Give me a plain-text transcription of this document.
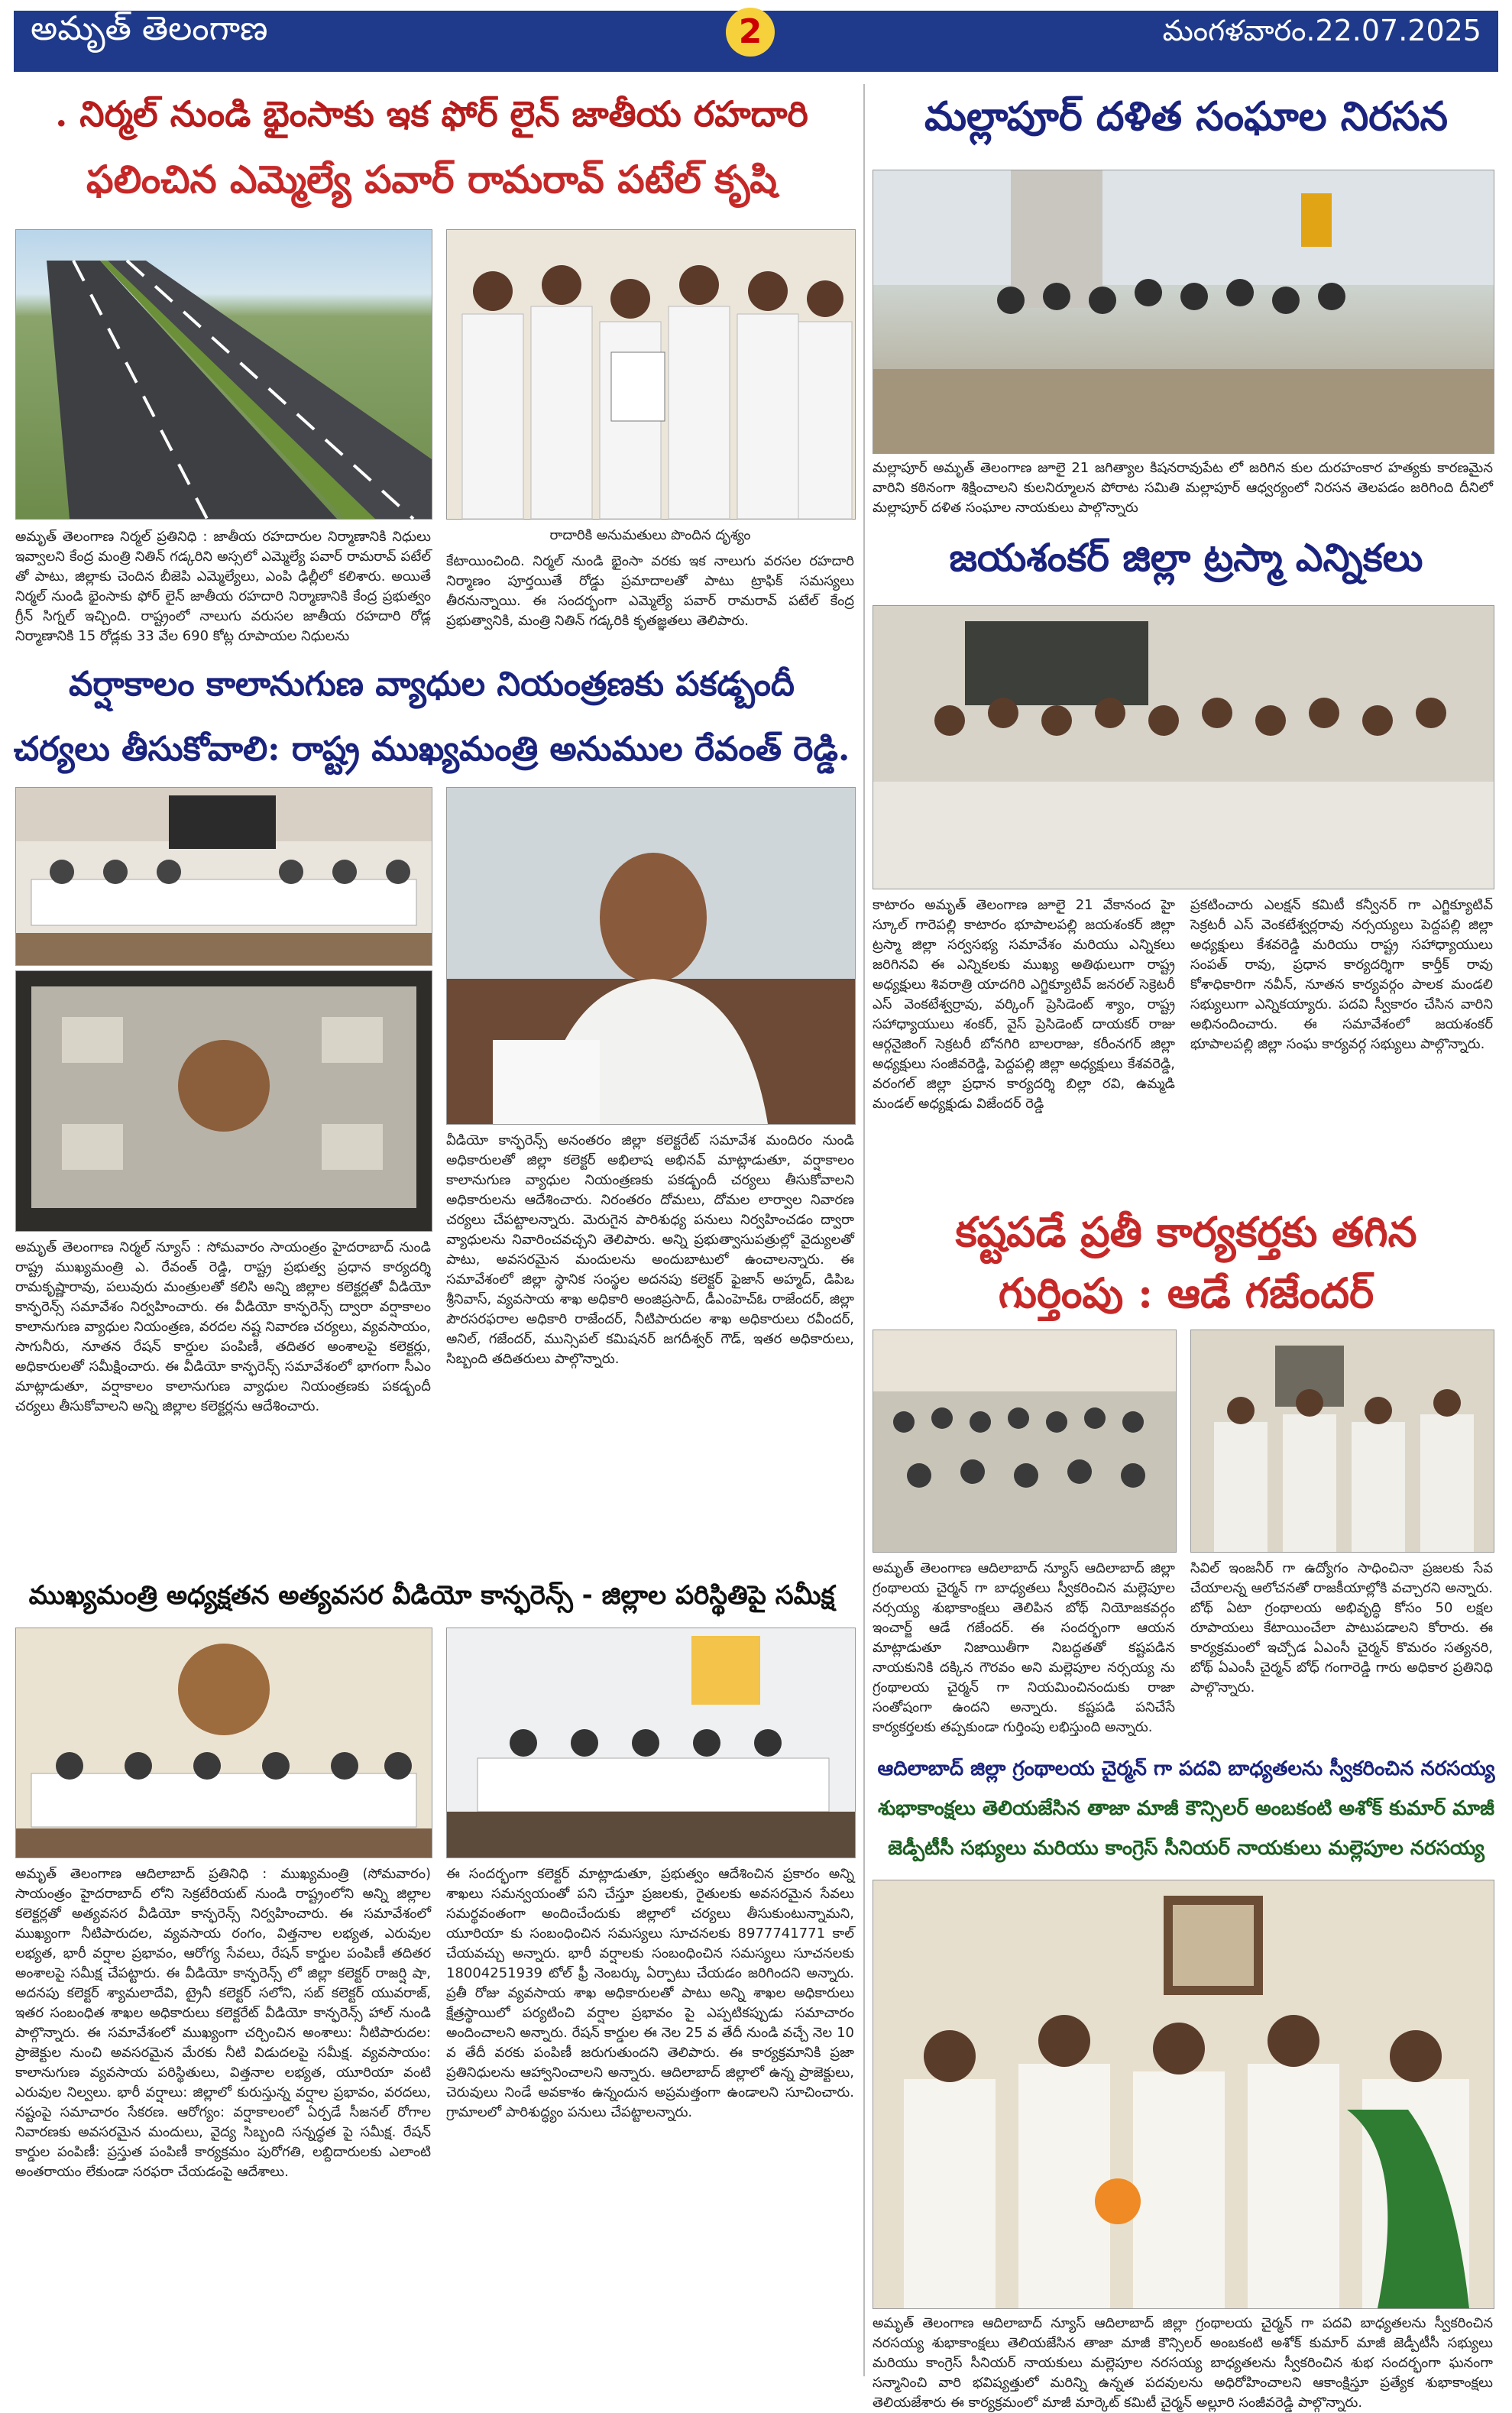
అమృత్ తెలంగాణ	2	మంగళవారం.22.07.2025
. నిర్మల్ నుండి భైంసాకు ఇక ఫోర్ లైన్ జాతీయ రహదారి
ఫలించిన ఎమ్మెల్యే పవార్ రామరావ్ పటేల్ కృషి
రాదారికి అనుమతులు పొందిన దృశ్యం
అమృత్ తెలంగాణ నిర్మల్ ప్రతినిధి : జాతీయ రహదారుల నిర్మాణానికి నిధులు ఇవ్వాలని కేంద్ర మంత్రి నితిన్ గడ్కరిని అస్సలో ఎమ్మెల్యే పవార్ రామరావ్ పటేల్ తో పాటు, జిల్లాకు చెందిన బీజెపి ఎమ్మెల్యేలు, ఎంపి ఢిల్లీలో కలిశారు. అయితే నిర్మల్ నుండి భైంసాకు ఫోర్ లైన్ జాతీయ రహదారి నిర్మాణానికి కేంద్ర ప్రభుత్వం గ్రీన్ సిగ్నల్ ఇచ్చింది. రాష్ట్రంలో నాలుగు వరుసల జాతీయ రహదారి రోడ్ల నిర్మాణానికి 15 రోడ్లకు 33 వేల 690 కోట్ల రూపాయల నిధులను
కేటాయించింది. నిర్మల్ నుండి భైంసా వరకు ఇక నాలుగు వరసల రహదారి నిర్మాణం పూర్తయితే రోడ్డు ప్రమాదాలతో పాటు ట్రాఫిక్ సమస్యలు తీరనున్నాయి. ఈ సందర్భంగా ఎమ్మెల్యే పవార్ రామరావ్ పటేల్ కేంద్ర ప్రభుత్వానికి, మంత్రి నితిన్ గడ్కరికి కృతజ్ఞతలు తెలిపారు.
వర్షాకాలం కాలానుగుణ వ్యాధుల నియంత్రణకు పకడ్బందీ
చర్యలు తీసుకోవాలి: రాష్ట్ర ముఖ్యమంత్రి అనుముల రేవంత్ రెడ్డి.
అమృత్ తెలంగాణ నిర్మల్ న్యూస్ : సోమవారం సాయంత్రం హైదరాబాద్ నుండి రాష్ట్ర ముఖ్యమంత్రి ఎ. రేవంత్ రెడ్డి, రాష్ట్ర ప్రభుత్వ ప్రధాన కార్యదర్శి రామకృష్ణారావు, పలువురు మంత్రులతో కలిసి అన్ని జిల్లాల కలెక్టర్లతో వీడియో కాన్ఫరెన్స్ సమావేశం నిర్వహించారు. ఈ వీడియో కాన్ఫరెన్స్ ద్వారా వర్షాకాలం కాలానుగుణ వ్యాధుల నియంత్రణ, వరదల నష్ట నివారణ చర్యలు, వ్యవసాయం, సాగునీరు, నూతన రేషన్ కార్డుల పంపిణీ, తదితర అంశాలపై కలెక్టర్లు, అధికారులతో సమీక్షించారు. ఈ వీడియో కాన్ఫరెన్స్ సమావేశంలో భాగంగా సీఎం మాట్లాడుతూ, వర్షాకాలం కాలానుగుణ వ్యాధుల నియంత్రణకు పకడ్బందీ చర్యలు తీసుకోవాలని అన్ని జిల్లాల కలెక్టర్లను ఆదేశించారు.
వీడియో కాన్ఫరెన్స్ అనంతరం జిల్లా కలెక్టరేట్ సమావేశ మందిరం నుండి అధికారులతో జిల్లా కలెక్టర్ అభిలాష అభినవ్ మాట్లాడుతూ, వర్షాకాలం కాలానుగుణ వ్యాధుల నియంత్రణకు పకడ్బందీ చర్యలు తీసుకోవాలని అధికారులను ఆదేశించారు. నిరంతరం దోమలు, దోమల లార్వాల నివారణ చర్యలు చేపట్టాలన్నారు. మెరుగైన పారిశుధ్య పనులు నిర్వహించడం ద్వారా వ్యాధులను నివారించవచ్చని తెలిపారు. అన్ని ప్రభుత్వాసుపత్రుల్లో వైద్యులతో పాటు, అవసరమైన మందులను అందుబాటులో ఉంచాలన్నారు. ఈ సమావేశంలో జిల్లా స్థానిక సంస్థల అదనపు కలెక్టర్ ఫైజాన్ అహ్మద్, డిపిఒ శ్రీనివాస్, వ్యవసాయ శాఖ అధికారి అంజిప్రసాద్, డీఎంహెచ్ఓ రాజేందర్, జిల్లా పౌరసరఫరాల అధికారి రాజేందర్, నీటిపారుదల శాఖ అధికారులు రవీందర్, అనిల్, గజేందర్, మున్సిపల్ కమిషనర్ జగదీశ్వర్ గౌడ్, ఇతర అధికారులు, సిబ్బంది తదితరులు పాల్గొన్నారు.
ముఖ్యమంత్రి అధ్యక్షతన అత్యవసర వీడియో కాన్ఫరెన్స్ - జిల్లాల పరిస్థితిపై సమీక్ష
అమృత్ తెలంగాణ ఆదిలాబాద్ ప్రతినిధి : ముఖ్యమంత్రి (సోమవారం) సాయంత్రం హైదరాబాద్ లోని సెక్రటేరియట్ నుండి రాష్ట్రంలోని అన్ని జిల్లాల కలెక్టర్లతో అత్యవసర వీడియో కాన్ఫరెన్స్ నిర్వహించారు. ఈ సమావేశంలో ముఖ్యంగా నీటిపారుదల, వ్యవసాయ రంగం, విత్తనాల లభ్యత, ఎరువుల లభ్యత, భారీ వర్షాల ప్రభావం, ఆరోగ్య సేవలు, రేషన్ కార్డుల పంపిణీ తదితర అంశాలపై సమీక్ష చేపట్టారు. ఈ వీడియో కాన్ఫరెన్స్ లో జిల్లా కలెక్టర్ రాజర్షి షా, అదనపు కలెక్టర్ శ్యామలాదేవి, ట్రైనీ కలెక్టర్ సలోని, సబ్ కలెక్టర్ యువరాజ్, ఇతర సంబంధిత శాఖల అధికారులు కలెక్టరేట్ వీడియో కాన్ఫరెన్స్ హాల్ నుండి పాల్గొన్నారు. ఈ సమావేశంలో ముఖ్యంగా చర్చించిన అంశాలు: నీటిపారుదల: ప్రాజెక్టుల నుంచి అవసరమైన మేరకు నీటి విడుదలపై సమీక్ష. వ్యవసాయం: కాలానుగుణ వ్యవసాయ పరిస్థితులు, విత్తనాల లభ్యత, యూరియా వంటి ఎరువుల నిల్వలు. భారీ వర్షాలు: జిల్లాలో కురుస్తున్న వర్షాల ప్రభావం, వరదలు, నష్టంపై సమాచారం సేకరణ. ఆరోగ్యం: వర్షాకాలంలో ఏర్పడే సీజనల్ రోగాల నివారణకు అవసరమైన మందులు, వైద్య సిబ్బంది సన్నద్ధత పై సమీక్ష. రేషన్ కార్డుల పంపిణీ: ప్రస్తుత పంపిణీ కార్యక్రమం పురోగతి, లబ్దిదారులకు ఎలాంటి అంతరాయం లేకుండా సరఫరా చేయడంపై ఆదేశాలు.
ఈ సందర్భంగా కలెక్టర్ మాట్లాడుతూ, ప్రభుత్వం ఆదేశించిన ప్రకారం అన్ని శాఖలు సమన్వయంతో పని చేస్తూ ప్రజలకు, రైతులకు అవసరమైన సేవలు సమర్థవంతంగా అందించేందుకు జిల్లాలో చర్యలు తీసుకుంటున్నామని, యూరియా కు సంబంధించిన సమస్యలు సూచనలకు 8977741771 కాల్ చేయవచ్చు అన్నారు. భారీ వర్షాలకు సంబంధించిన సమస్యలు సూచనలకు 18004251939 టోల్ ఫ్రీ నెంబర్కు ఏర్పాటు చేయడం జరిగిందని అన్నారు. ప్రతీ రోజు వ్యవసాయ శాఖ అధికారులతో పాటు అన్ని శాఖల అధికారులు క్షేత్రస్థాయిలో పర్యటించి వర్షాల ప్రభావం పై ఎప్పటికప్పుడు సమాచారం అందించాలని అన్నారు. రేషన్ కార్డుల ఈ నెల 25 వ తేదీ నుండి వచ్చే నెల 10 వ తేదీ వరకు పంపిణీ జరుగుతుందని తెలిపారు. ఈ కార్యక్రమానికి ప్రజా ప్రతినిధులను ఆహ్వానించాలని అన్నారు. ఆదిలాబాద్ జిల్లాలో ఉన్న ప్రాజెక్టులు, చెరువులు నిండే అవకాశం ఉన్నందున అప్రమత్తంగా ఉండాలని సూచించారు. గ్రామాలలో పారిశుద్ధ్యం పనులు చేపట్టాలన్నారు.
మల్లాపూర్ దళిత సంఘాల నిరసన
మల్లాపూర్ అమృత్ తెలంగాణ జూలై 21 జగిత్యాల కిషనరావుపేట లో జరిగిన కుల దురహంకార హత్యకు కారణమైన వారిని కఠినంగా శిక్షించాలని కులనిర్మూలన పోరాట సమితి మల్లాపూర్ ఆధ్వర్యంలో నిరసన తెలపడం జరిగింది దీనిలో మల్లాపూర్ దళిత సంఘాల నాయకులు పాల్గొన్నారు
జయశంకర్ జిల్లా ట్రస్మా ఎన్నికలు
కాటారం అమృత్ తెలంగాణ జూలై 21 వేకానంద హై స్కూల్ గారెపల్లి కాటారం భూపాలపల్లి జయశంకర్ జిల్లా ట్రస్మా జిల్లా సర్వసభ్య సమావేశం మరియు ఎన్నికలు జరిగినవి ఈ ఎన్నికలకు ముఖ్య అతిథులుగా రాష్ట్ర అధ్యక్షులు శివరాత్రి యాదగిరి ఎగ్జిక్యూటివ్ జనరల్ సెక్రెటరీ ఎస్ వెంకటేశ్వర్రావు, వర్కింగ్ ప్రెసిడెంట్ శ్యాం, రాష్ట్ర సహాధ్యాయులు శంకర్, వైస్ ప్రెసిడెంట్ దాయకర్ రాజు ఆర్గనైజింగ్ సెక్రటరీ బోనగిరి బాలరాజు, కరీంనగర్ జిల్లా అధ్యక్షులు సంజీవరెడ్డి, పెద్దపల్లి జిల్లా అధ్యక్షులు కేశవరెడ్డి, వరంగల్ జిల్లా ప్రధాన కార్యదర్శి బిల్లా రవి, ఉమ్మడి మండల్ అధ్యక్షుడు విజేందర్ రెడ్డి
ప్రకటించారు ఎలక్షన్ కమిటీ కన్వీనర్ గా ఎగ్జిక్యూటివ్ సెక్రటరీ ఎస్ వెంకటేశ్వర్లరావు నర్సయ్యలు పెద్దపల్లి జిల్లా అధ్యక్షులు కేశవరెడ్డి మరియు రాష్ట్ర సహాధ్యాయులు సంపత్ రావు, ప్రధాన కార్యదర్శిగా కార్తీక్ రావు కోశాధికారిగా నవీన్, నూతన కార్యవర్గం పాలక మండలి సభ్యులుగా ఎన్నికయ్యారు. పదవి స్వీకారం చేసిన వారిని అభినందించారు. ఈ సమావేశంలో జయశంకర్ భూపాలపల్లి జిల్లా సంఘ కార్యవర్గ సభ్యులు పాల్గొన్నారు.
కష్టపడే ప్రతీ కార్యకర్తకు తగిన
గుర్తింపు : ఆడే గజేందర్
అమృత్ తెలంగాణ ఆదిలాబాద్ న్యూస్ ఆదిలాబాద్ జిల్లా గ్రంథాలయ చైర్మన్ గా బాధ్యతలు స్వీకరించిన మల్లెపూల నర్సయ్య శుభాకాంక్షలు తెలిపిన బోథ్ నియోజకవర్గం ఇంచార్జ్ ఆడే గజేందర్. ఈ సందర్భంగా ఆయన మాట్లాడుతూ నిజాయితీగా నిబద్ధతతో కష్టపడిన నాయకునికి దక్కిన గౌరవం అని మల్లెపూల నర్సయ్య ను గ్రంథాలయ చైర్మన్ గా నియమించినందుకు రాజా సంతోషంగా ఉందని అన్నారు. కష్టపడి పనిచేసే కార్యకర్తలకు తప్పకుండా గుర్తింపు లభిస్తుంది అన్నారు.
సివిల్ ఇంజనీర్ గా ఉద్యోగం సాధించినా ప్రజలకు సేవ చేయాలన్న ఆలోచనతో రాజకీయాల్లోకి వచ్చారని అన్నారు. బోథ్ ఏటా గ్రంథాలయ అభివృద్ధి కోసం 50 లక్షల రూపాయలు కేటాయించేలా పాటుపడాలని కోరారు. ఈ కార్యక్రమంలో ఇచ్చోడ ఏఎంసీ చైర్మన్ కొమరం సత్యనరి, బోథ్ ఏఎంసీ చైర్మన్ బోధ్ గంగారెడ్డి గారు అధికార ప్రతినిధి పాల్గొన్నారు.
ఆదిలాబాద్ జిల్లా గ్రంథాలయ చైర్మన్ గా పదవి బాధ్యతలను స్వీకరించిన నరసయ్య
శుభాకాంక్షలు తెలియజేసిన తాజా మాజీ కౌన్సిలర్ అంబకంటి అశోక్ కుమార్ మాజీ
జెడ్పీటీసీ సభ్యులు మరియు కాంగ్రెస్ సీనియర్ నాయకులు మల్లెపూల నరసయ్య
అమృత్ తెలంగాణ ఆదిలాబాద్ న్యూస్ ఆదిలాబాద్ జిల్లా గ్రంథాలయ చైర్మన్ గా పదవి బాధ్యతలను స్వీకరించిన నరసయ్య శుభాకాంక్షలు తెలియజేసిన తాజా మాజీ కౌన్సిలర్ అంబకంటి అశోక్ కుమార్ మాజీ జెడ్పీటీసీ సభ్యులు మరియు కాంగ్రెస్ సీనియర్ నాయకులు మల్లెపూల నరసయ్య బాధ్యతలను స్వీకరించిన శుభ సందర్భంగా ఘనంగా సన్మానించి వారి భవిష్యత్తులో మరిన్ని ఉన్నత పదవులను అధిరోహించాలని ఆకాంక్షిస్తూ ప్రత్యేక శుభాకాంక్షలు తెలియజేశారు ఈ కార్యక్రమంలో మాజీ మార్కెట్ కమిటీ చైర్మన్ అల్లూరి సంజీవరెడ్డి పాల్గొన్నారు.
